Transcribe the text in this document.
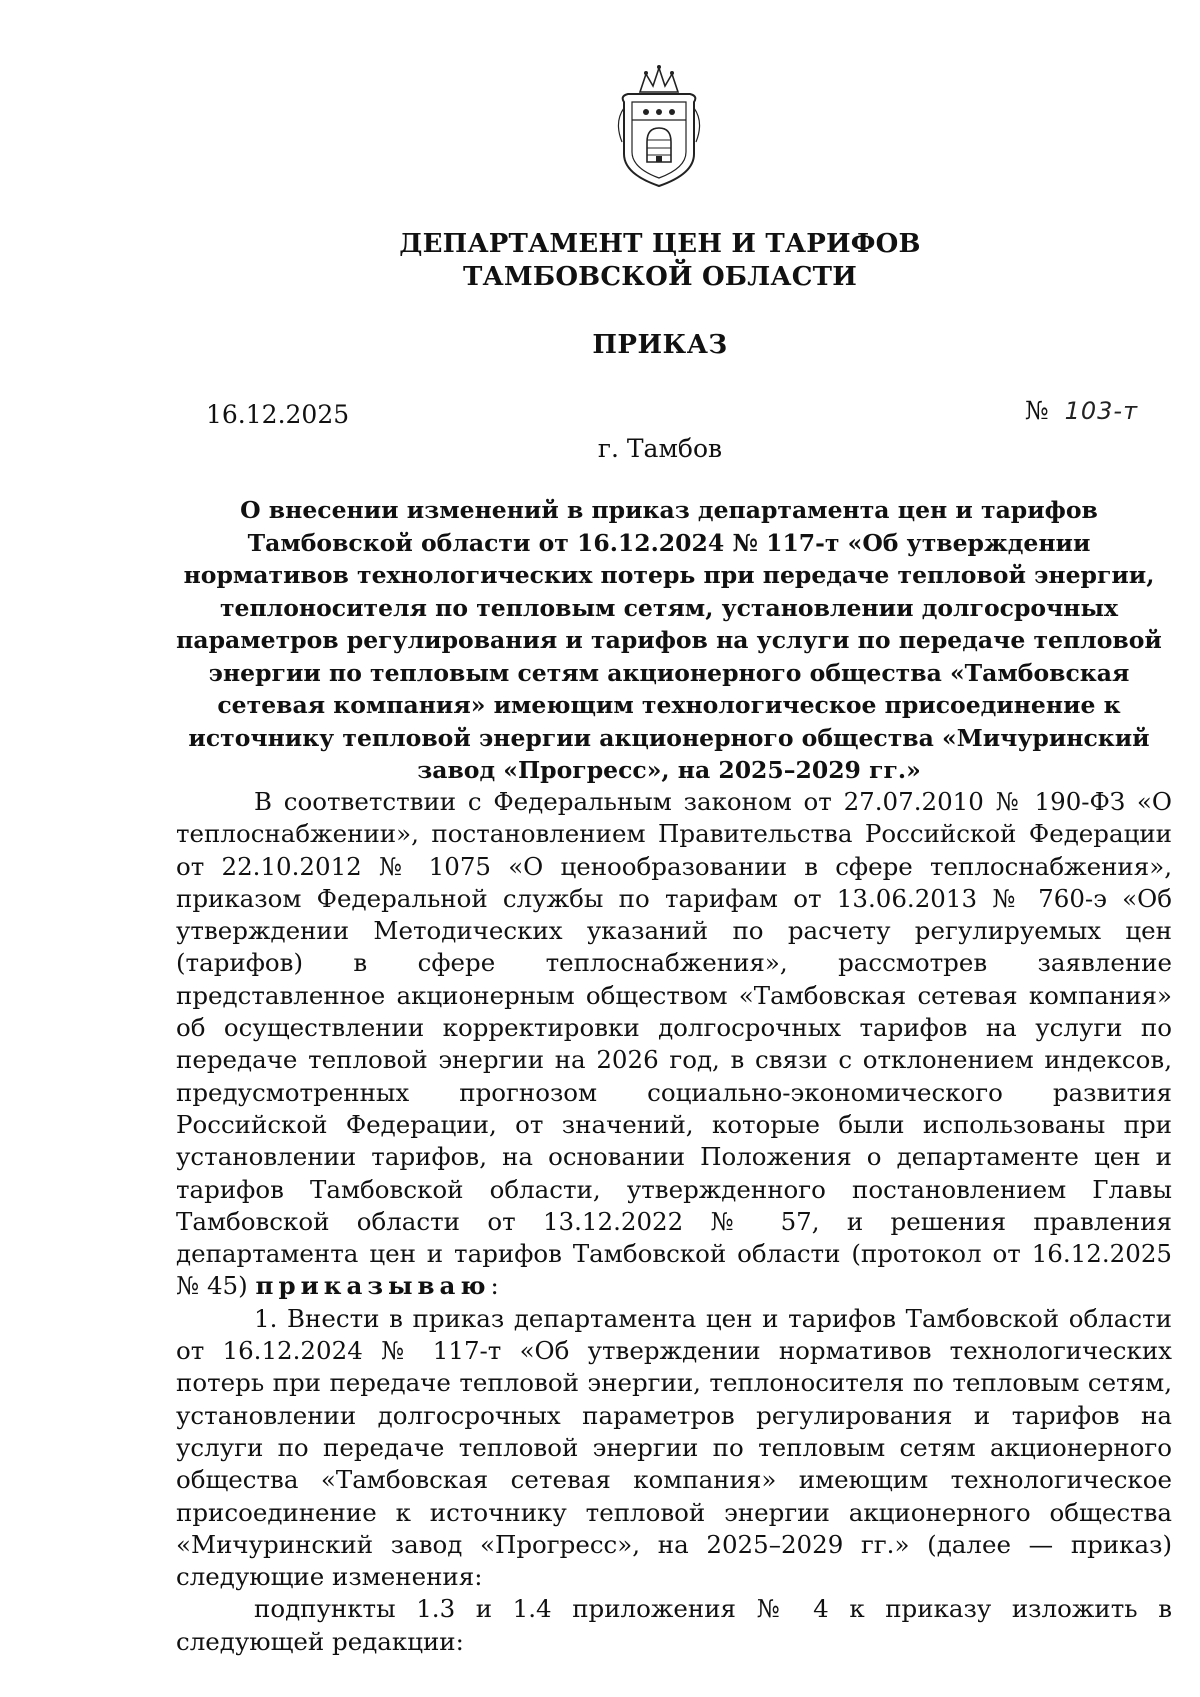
ДЕПАРТАМЕНТ ЦЕН И ТАРИФОВ
ТАМБОВСКОЙ ОБЛАСТИ
ПРИКАЗ
16.12.2025	№ 103-т
г. Тамбов
О внесении изменений в приказ департамента цен и тарифов Тамбовской области от 16.12.2024 № 117-т «Об утверждении нормативов технологических потерь при передаче тепловой энергии, теплоносителя по тепловым сетям, установлении долгосрочных параметров регулирования и тарифов на услуги по передаче тепловой энергии по тепловым сетям акционерного общества «Тамбовская сетевая компания» имеющим технологическое присоединение к источнику тепловой энергии акционерного общества «Мичуринский завод «Прогресс», на 2025–2029 гг.»

В соответствии с Федеральным законом от 27.07.2010 № 190-ФЗ «О теплоснабжении», постановлением Правительства Российской Федерации от 22.10.2012 № 1075 «О ценообразовании в сфере теплоснабжения», приказом Федеральной службы по тарифам от 13.06.2013 № 760-э «Об утверждении Методических указаний по расчету регулируемых цен (тарифов) в сфере теплоснабжения», рассмотрев заявление представленное акционерным обществом «Тамбовская сетевая компания» об осуществлении корректировки долгосрочных тарифов на услуги по передаче тепловой энергии на 2026 год, в связи с отклонением индексов, предусмотренных прогнозом социально-экономического развития Российской Федерации, от значений, которые были использованы при установлении тарифов, на основании Положения о департаменте цен и тарифов Тамбовской области, утвержденного постановлением Главы Тамбовской области от 13.12.2022 № 57, и решения правления департамента цен и тарифов Тамбовской области (протокол от 16.12.2025 № 45) приказываю:

1. Внести в приказ департамента цен и тарифов Тамбовской области от 16.12.2024 № 117-т «Об утверждении нормативов технологических потерь при передаче тепловой энергии, теплоносителя по тепловым сетям, установлении долгосрочных параметров регулирования и тарифов на услуги по передаче тепловой энергии по тепловым сетям акционерного общества «Тамбовская сетевая компания» имеющим технологическое присоединение к источнику тепловой энергии акционерного общества «Мичуринский завод «Прогресс», на 2025–2029 гг.» (далее — приказ) следующие изменения:

подпункты 1.3 и 1.4 приложения № 4 к приказу изложить в следующей редакции:
